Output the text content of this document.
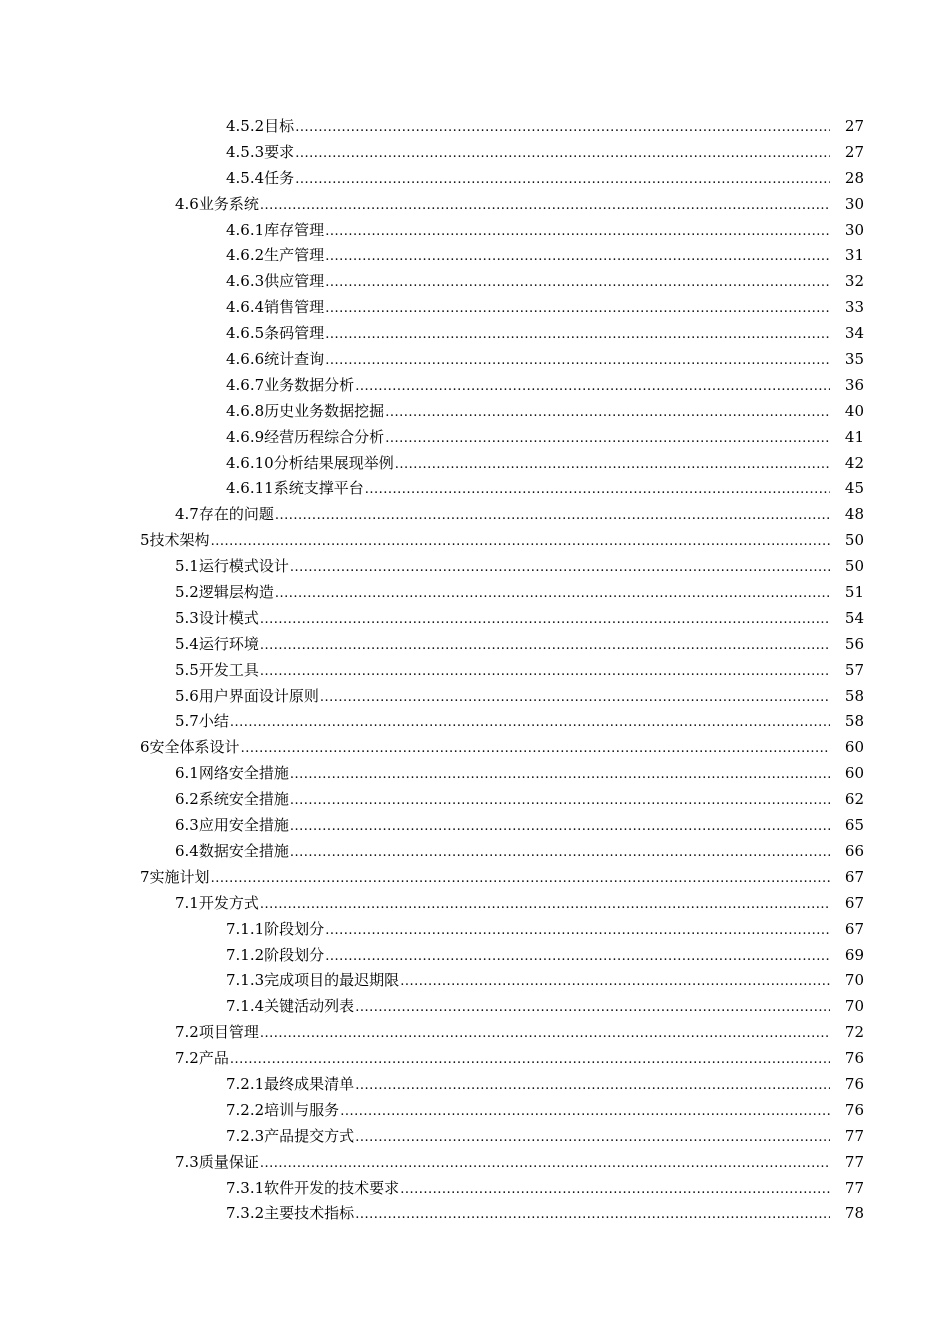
4.5.2 目标 .....	27
4.5.3 要求 .....	27
4.5.4 任务 .....	28
4.6 业务系统 .....	30
4.6.1 库存管理 .....	30
4.6.2 生产管理 .....	31
4.6.3 供应管理 .....	32
4.6.4 销售管理 .....	33
4.6.5 条码管理 .....	34
4.6.6 统计查询 .....	35
4.6.7 业务数据分析 .....	36
4.6.8 历史业务数据挖掘 .....	40
4.6.9 经营历程综合分析 .....	41
4.6.10 分析结果展现举例 .....	42
4.6.11 系统支撑平台 .....	45
4.7 存在的问题 .....	48
5 技术架构 .....	50
5.1 运行模式设计 .....	50
5.2 逻辑层构造 .....	51
5.3 设计模式 .....	54
5.4 运行环境 .....	56
5.5 开发工具 .....	57
5.6 用户界面设计原则 .....	58
5.7 小结 .....	58
6 安全体系设计 .....	60
6.1 网络安全措施 .....	60
6.2 系统安全措施 .....	62
6.3 应用安全措施 .....	65
6.4 数据安全措施 .....	66
7 实施计划 .....	67
7.1 开发方式 .....	67
7.1.1 阶段划分 .....	67
7.1.2 阶段划分 .....	69
7.1.3 完成项目的最迟期限 .....	70
7.1.4 关键活动列表 .....	70
7.2 项目管理 .....	72
7.2 产品 .....	76
7.2.1 最终成果清单 .....	76
7.2.2 培训与服务 .....	76
7.2.3 产品提交方式 .....	77
7.3 质量保证 .....	77
7.3.1 软件开发的技术要求 .....	77
7.3.2 主要技术指标 .....	78
